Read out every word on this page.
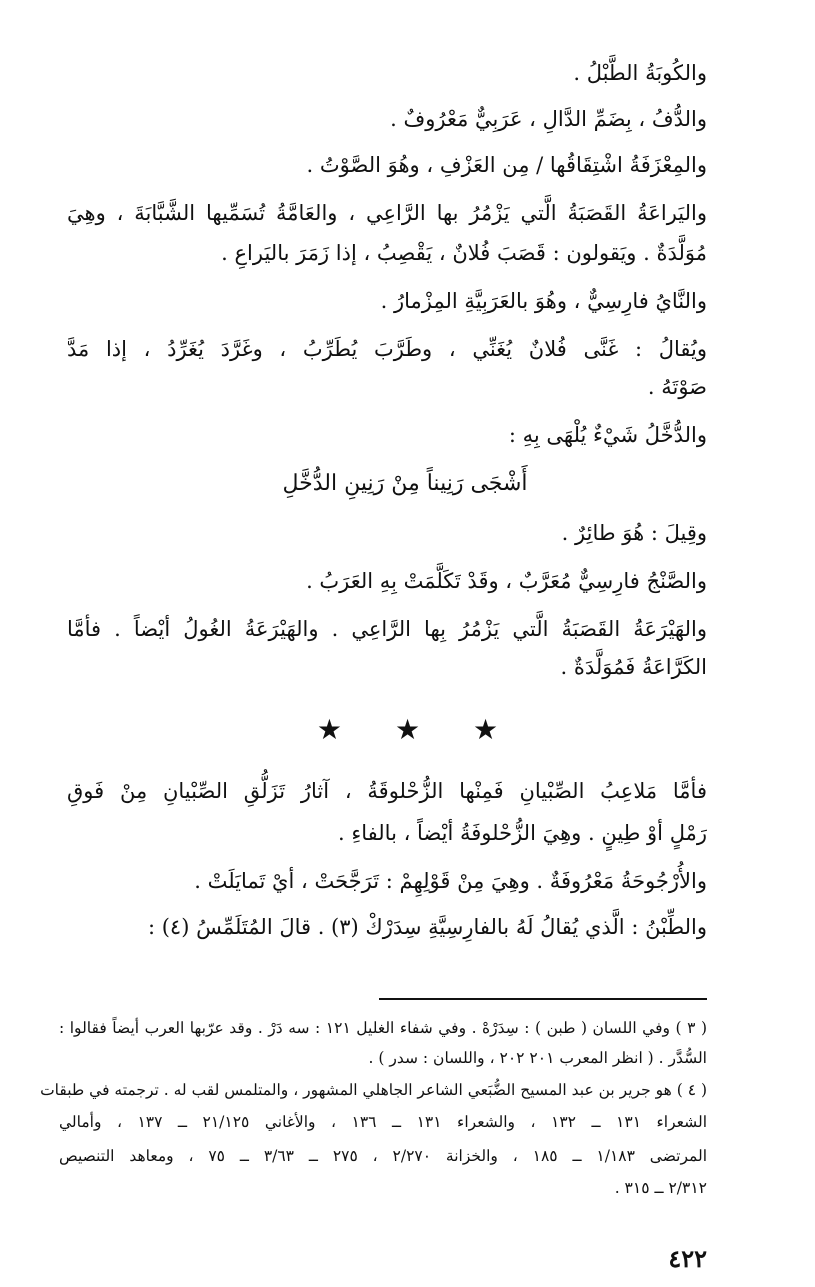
والكُوبَةُ الطَّبْلُ .
والدُّفُ ، بِضَمِّ الدَّالِ ، عَرَبِيٌّ مَعْرُوفٌ .
والمِعْزَفَةُ اشْتِقَاقُها / مِن العَزْفِ ، وهُوَ الصَّوْتُ .
واليَراعَةُ القَصَبَةُ الَّتي يَزْمُرُ بها الرَّاعِي ، والعَامَّةُ تُسَمِّيها الشَّبَّابَةَ ، وهِيَ
مُوَلَّدَةٌ . ويَقولون : قَصَبَ فُلانٌ ، يَقْصِبُ ، إذا زَمَرَ باليَراعِ .
والنَّايُ فارِسِيٌّ ، وهُوَ بالعَرَبِيَّةِ المِزْمارُ .
ويُقالُ : غَنَّى فُلانٌ يُغَنِّي ، وطَرَّبَ يُطَرِّبُ ، وغَرَّدَ يُغَرِّدُ ، إذا مَدَّ
صَوْتَهُ .
والدُّخَّلُ شَيْءٌ يُلْهَى بِهِ :
أَشْجَى رَنِيناً مِنْ رَنِينِ الدُّخَّلِ
وقِيلَ : هُوَ طائِرٌ .
والصَّنْجُ فارِسِيٌّ مُعَرَّبٌ ، وقَدْ تَكَلَّمَتْ بِهِ العَرَبُ .
والهَيْرَعَةُ القَصَبَةُ الَّتي يَزْمُرُ بِها الرَّاعِي . والهَيْرَعَةُ الغُولُ أيْضاً . فأمَّا
الكَرَّاعَةُ فَمُوَلَّدَةٌ .
★ ★ ★
فأمَّا مَلاعِبُ الصِّبْيانِ فَمِنْها الزُّحْلوقَةُ ، آثارُ تَزَلُّقِ الصِّبْيانِ مِنْ فَوقِ
رَمْلٍ أوْ طِينٍ . وهِيَ الزُّحْلوفَةُ أيْضاً ، بالفاءِ .
والأُرْجُوحَةُ مَعْرُوفَةٌ . وهِيَ مِنْ قَوْلِهِمْ : تَرَجَّحَتْ ، أيْ تَمايَلَتْ .
والطِّبْنُ : الَّذي يُقالُ لَهُ بالفارِسِيَّةِ سِدَرْكْ (٣) . قالَ المُتَلَمِّسُ (٤) :
( ٣ ) وفي اللسان ( طبن ) : سِدَرْهْ . وفي شفاء الغليل ١٢١ : سه دَرْ . وقد عرّبها العرب أيضاً فقالوا :
السُّدَّر . ( انظر المعرب ٢٠١ ٢٠٢ ، واللسان : سدر ) .
( ٤ ) هو جرير بن عبد المسيح الضُّبَعي الشاعر الجاهلي المشهور ، والمتلمس لقب له . ترجمته في طبقات
الشعراء ١٣١ ــ ١٣٢ ، والشعراء ١٣١ ــ ١٣٦ ، والأغاني ٢١/١٢٥ ــ ١٣٧ ، وأمالي
المرتضى ١/١٨٣ ــ ١٨٥ ، والخزانة ٢/٢٧٠ ، ٢٧٥ ــ ٣/٦٣ ــ ٧٥ ، ومعاهد التنصيص
٢/٣١٢ ــ ٣١٥ .
٤٢٢
